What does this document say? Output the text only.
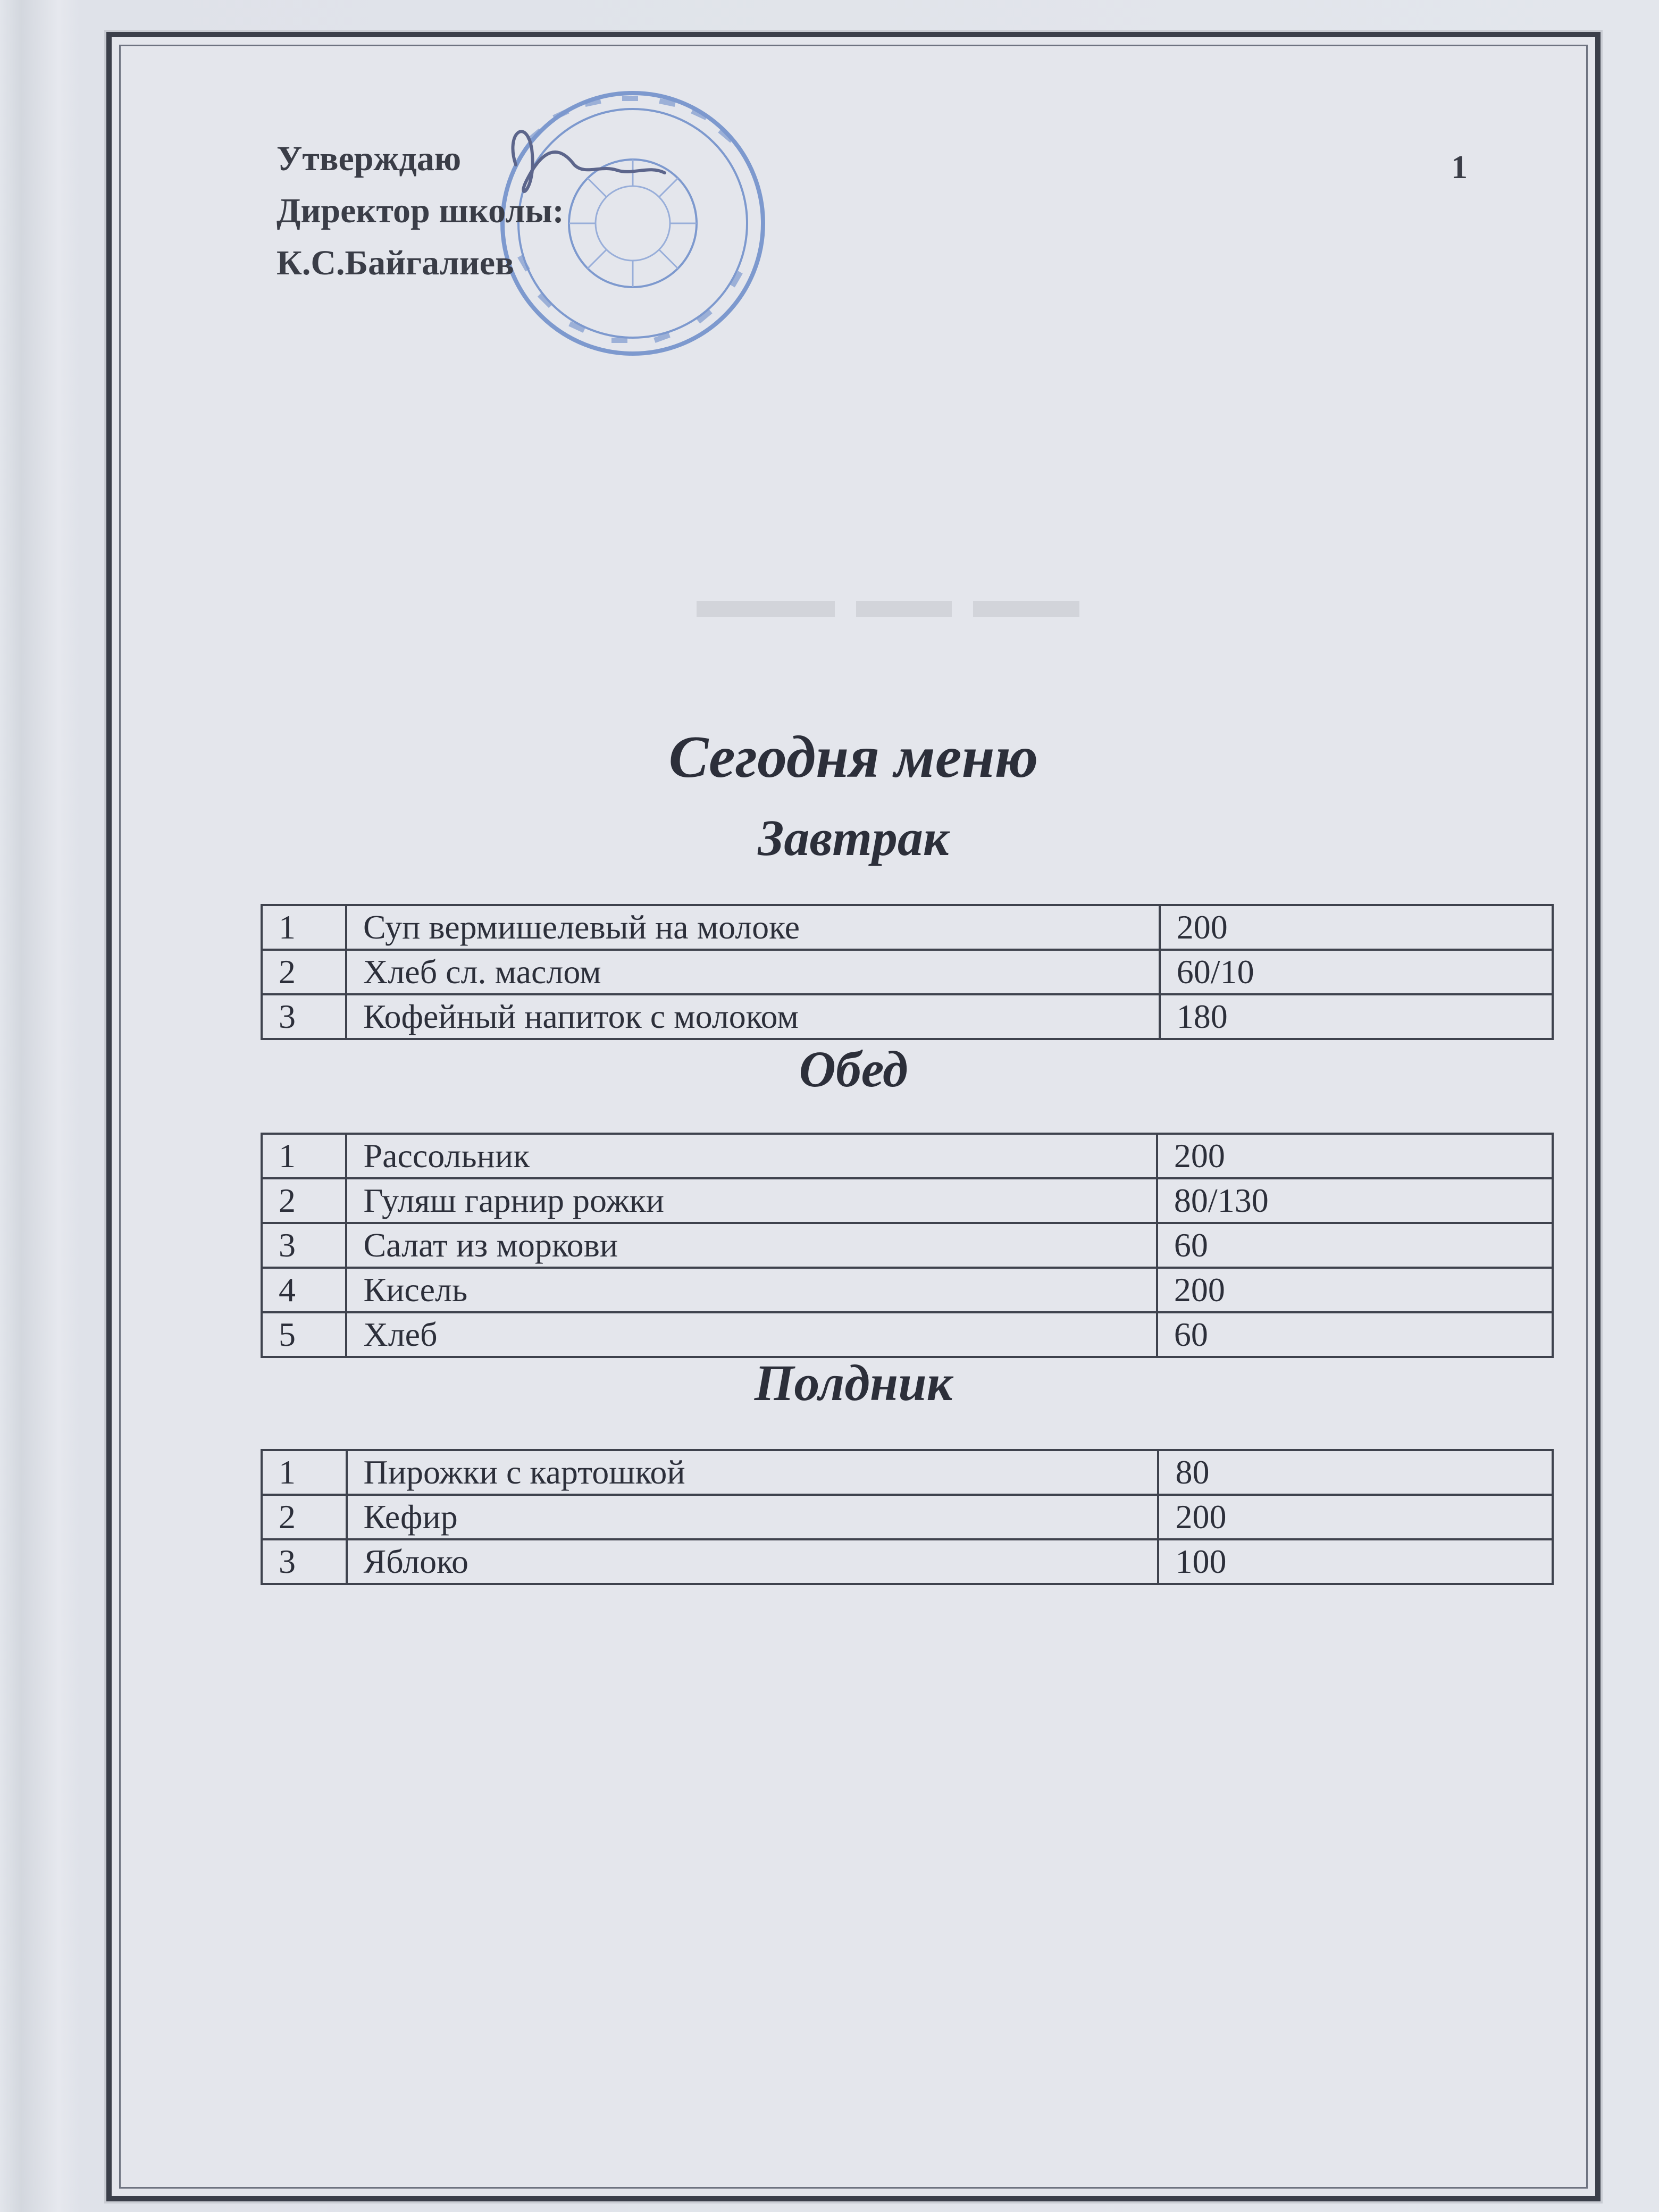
Утверждаю
Директор школы:
К.С.Байгалиев
1
Сегодня меню
Завтрак
1	Суп вермишелевый на молоке	200
2	Хлеб сл. маслом	60/10
3	Кофейный напиток с молоком	180
Обед
1	Рассольник	200
2	Гуляш гарнир рожки	80/130
3	Салат из моркови	60
4	Кисель	200
5	Хлеб	60
Полдник
1	Пирожки с картошкой	80
2	Кефир	200
3	Яблоко	100
